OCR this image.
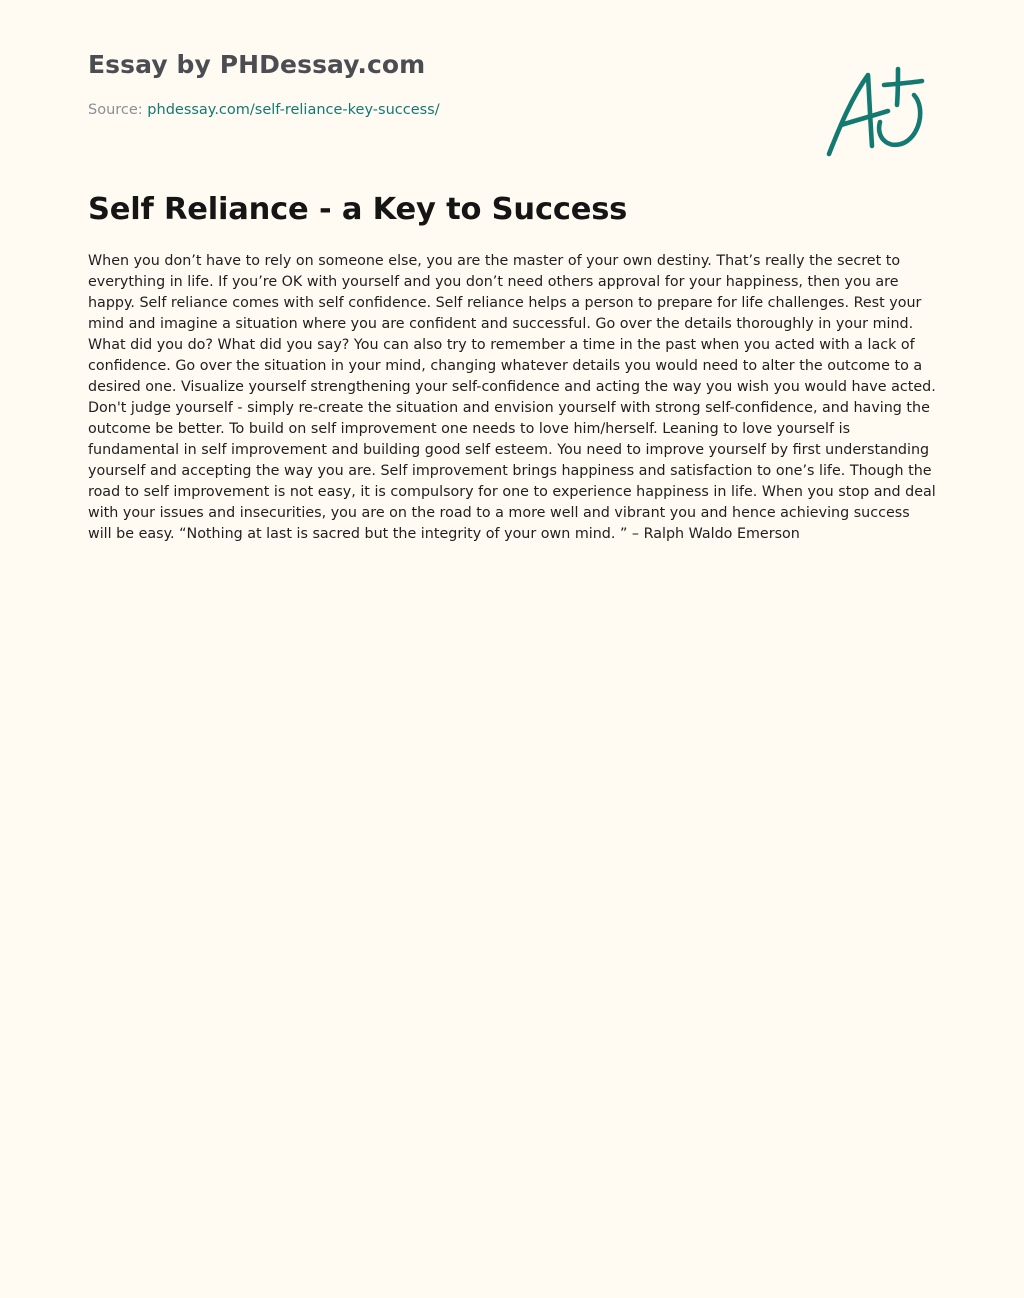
Essay by PHDessay.com
Source: phdessay.com/self-reliance-key-success/
Self Reliance - a Key to Success

When you don’t have to rely on someone else, you are the master of your own destiny. That’s really the secret to everything in life. If you’re OK with yourself and you don’t need others approval for your happiness, then you are happy. Self reliance comes with self confidence. Self reliance helps a person to prepare for life challenges. Rest your mind and imagine a situation where you are confident and successful. Go over the details thoroughly in your mind. What did you do? What did you say? You can also try to remember a time in the past when you acted with a lack of confidence. Go over the situation in your mind, changing whatever details you would need to alter the outcome to a desired one. Visualize yourself strengthening your self-confidence and acting the way you wish you would have acted. Don't judge yourself - simply re-create the situation and envision yourself with strong self-confidence, and having the outcome be better. To build on self improvement one needs to love him/herself. Leaning to love yourself is fundamental in self improvement and building good self esteem. You need to improve yourself by first understanding yourself and accepting the way you are. Self improvement brings happiness and satisfaction to one’s life. Though the road to self improvement is not easy, it is compulsory for one to experience happiness in life. When you stop and deal with your issues and insecurities, you are on the road to a more well and vibrant you and hence achieving success will be easy. “Nothing at last is sacred but the integrity of your own mind. ” – Ralph Waldo Emerson
